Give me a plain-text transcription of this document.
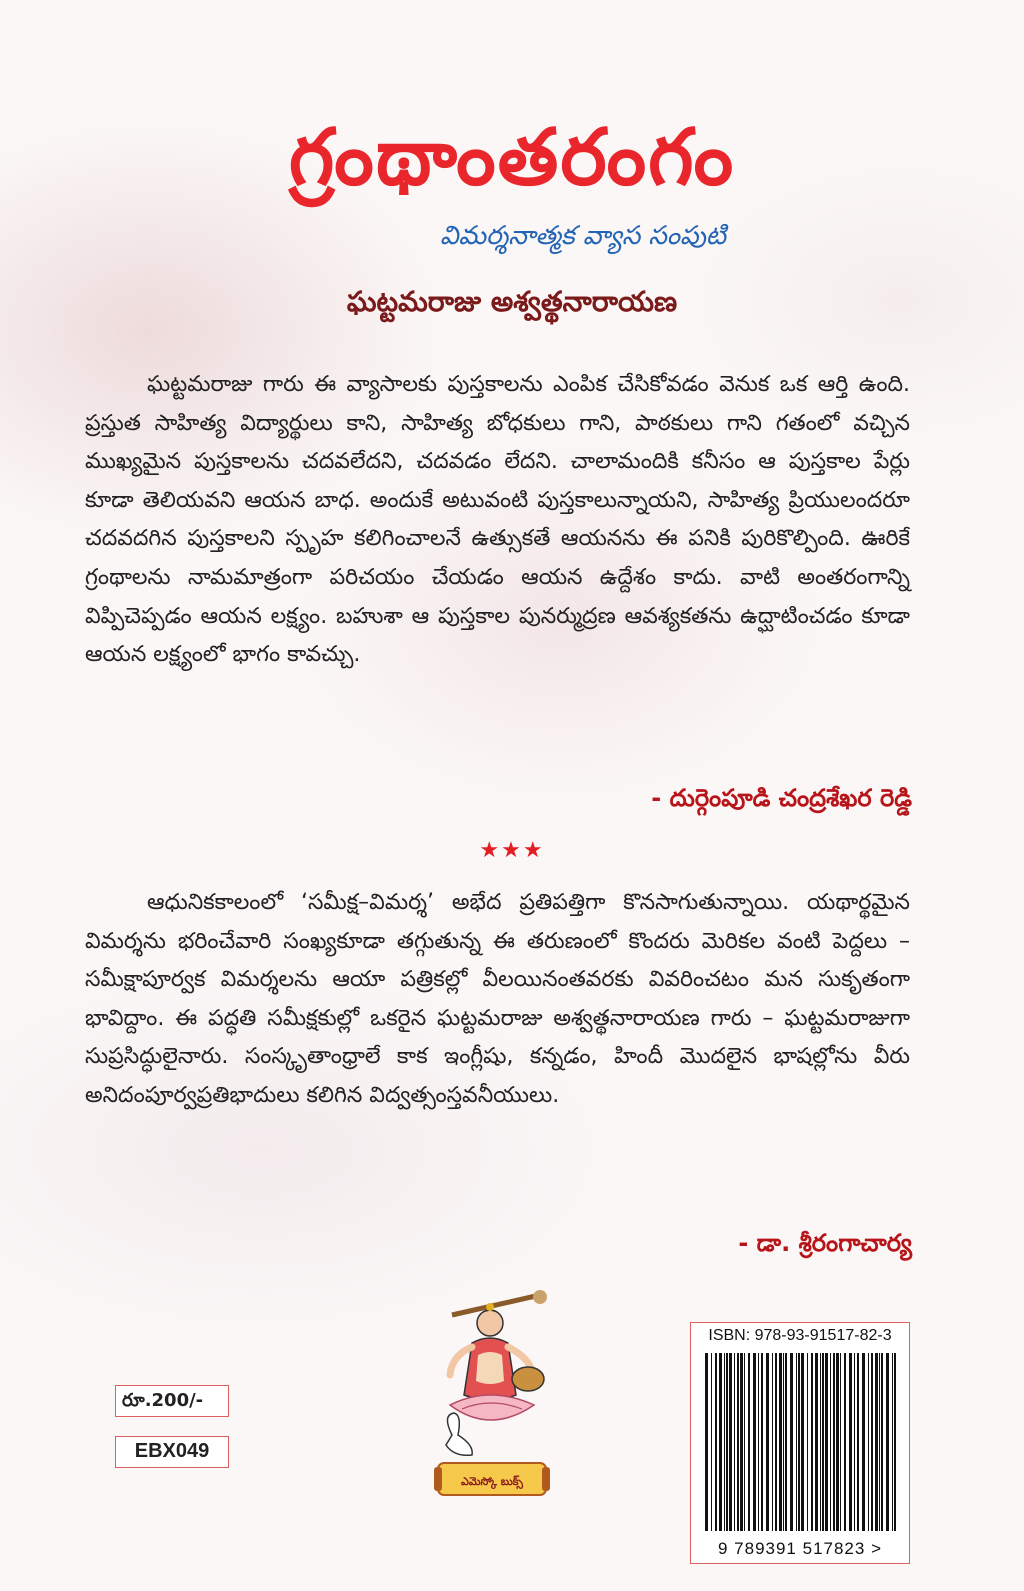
గ్రంథాంతరంగం

విమర్శనాత్మక వ్యాస సంపుటి

ఘట్టమరాజు అశ్వత్థనారాయణ

ఘట్టమరాజు గారు ఈ వ్యాసాలకు పుస్తకాలను ఎంపిక చేసికోవడం వెనుక ఒక ఆర్తి ఉంది. ప్రస్తుత సాహిత్య విద్యార్థులు కాని, సాహిత్య బోధకులు గాని, పాఠకులు గాని గతంలో వచ్చిన ముఖ్యమైన పుస్తకాలను చదవలేదని, చదవడం లేదని. చాలామందికి కనీసం ఆ పుస్తకాల పేర్లు కూడా తెలియవని ఆయన బాధ. అందుకే అటువంటి పుస్తకాలున్నాయని, సాహిత్య ప్రియులందరూ చదవదగిన పుస్తకాలని స్పృహ కలిగించాలనే ఉత్సుకతే ఆయనను ఈ పనికి పురికొల్పింది. ఊరికే గ్రంథాలను నామమాత్రంగా పరిచయం చేయడం ఆయన ఉద్దేశం కాదు. వాటి అంతరంగాన్ని విప్పిచెప్పడం ఆయన లక్ష్యం. బహుశా ఆ పుస్తకాల పునర్ముద్రణ ఆవశ్యకతను ఉద్ఘాటించడం కూడా ఆయన లక్ష్యంలో భాగం కావచ్చు.

- దుర్గెంపూడి చంద్రశేఖర రెడ్డి

★★★

ఆధునికకాలంలో ‘సమీక్ష–విమర్శ’ అభేద ప్రతిపత్తిగా కొనసాగుతున్నాయి. యథార్థమైన విమర్శను భరించేవారి సంఖ్యకూడా తగ్గుతున్న ఈ తరుణంలో కొందరు మెరికల వంటి పెద్దలు – సమీక్షాపూర్వక విమర్శలను ఆయా పత్రికల్లో వీలయినంతవరకు వివరించటం మన సుకృతంగా భావిద్దాం. ఈ పద్ధతి సమీక్షకుల్లో ఒకరైన ఘట్టమరాజు అశ్వత్థనారాయణ గారు – ఘట్టమరాజుగా సుప్రసిద్ధులైనారు. సంస్కృతాంధ్రాలే కాక ఇంగ్లీషు, కన్నడం, హిందీ మొదలైన భాషల్లోను వీరు అనిదంపూర్వప్రతిభాదులు కలిగిన విద్వత్సంస్తవనీయులు.

- డా. శ్రీరంగాచార్య

ఎమెస్కో బుక్స్
రూ.200/-
EBX049
ISBN: 978-93-91517-82-3
9 789391 517823 >
